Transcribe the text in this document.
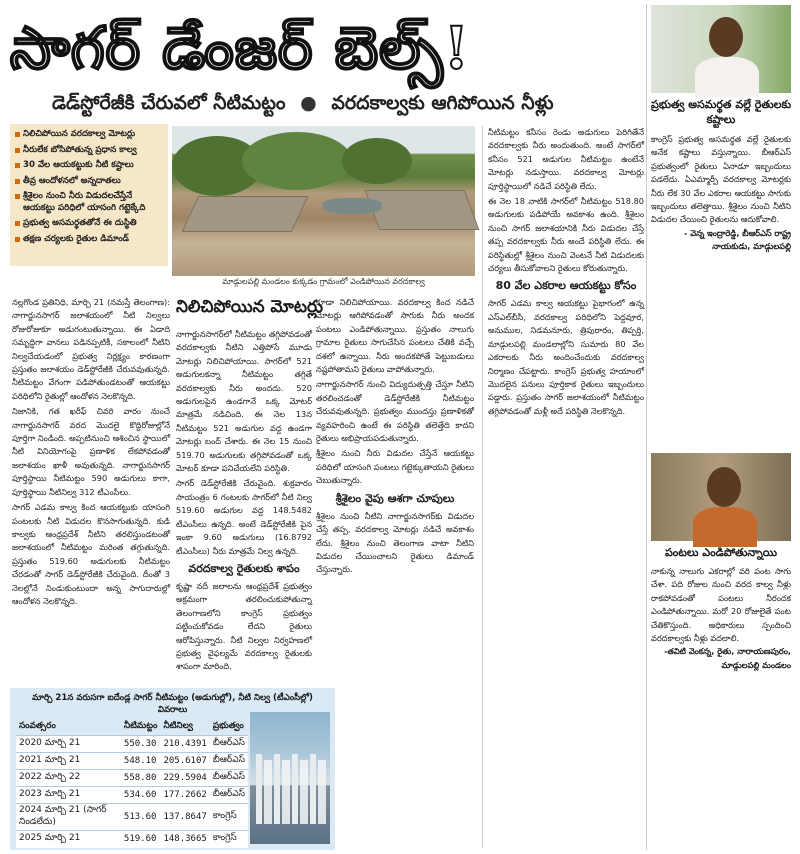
సాగర్ డేంజర్ బెల్స్!
డెడ్‌స్టోరేజీకి చేరువలో నీటిమట్టం ● వరదకాల్వకు ఆగిపోయిన నీళ్లు
నిలిచిపోయిన వరదకాల్వ మోటర్లు
నీరులేక బోసిపోతున్న ప్రధాన కాల్వ
30 వేల ఆయకట్టుకు నీటి కష్టాలు
తీవ్ర ఆందోళనలో అన్నదాతలు
శ్రీశైలం నుంచి నీరు విడుదలచేస్తేనే ఆయకట్టు పరిధిలో యాసంగి గట్టెక్కేది
ప్రభుత్వ అసమర్థతతోనే ఈ దుస్థితి
తక్షణ చర్యలకు రైతుల డిమాండ్
మాడ్గులపల్లి మండలం కుక్కడం గ్రామంలో ఎండిపోయిన వరదకాల్వ

నల్లగొండ ప్రతినిధి, మార్చి 21 (నమస్తే తెలంగాణ): నాగార్జునసాగర్‌ జలాశయంలో నీటి నిల్వలు రోజురోజుకూ అడుగంటుతున్నాయి. ఈ ఏడాది సమృద్ధిగా వానలు పడినప్పటికీ, సకాలంలో నీటిని నిల్వచేయడంలో ప్రభుత్వ నిర్లక్ష్యం కారణంగా ప్రస్తుతం జలాశయం డెడ్‌స్టోరేజీకి చేరువవుతున్నది. నీటిమట్టం వేగంగా పడిపోతుండటంతో ఆయకట్టు పరిధిలోని రైతుల్లో ఆందోళన నెలకొన్నది.

నిజానికి, గత ఖరీఫ్ చివరి వారం నుంచే నాగార్జునసాగర్ వరద మొదలై కొద్దిరోజుల్లోనే పూర్తిగా నిండింది. అప్పటినుంచి ఆశించిన స్థాయిలో నీటి వినియోగంపై ప్రణాళిక లేకపోవడంతో జలాశయం ఖాళీ అవుతున్నది. నాగార్జునసాగర్‌ పూర్తిస్థాయి నీటిమట్టం 590 అడుగులు కాగా, పూర్తిస్థాయి నీటినిల్వ 312 టీఎంసీలు.

సాగర్ ఎడమ కాల్వ కింద ఆయకట్టుకు యాసంగి పంటలకు నీటి విడుదల కొనసాగుతున్నది. కుడి కాల్వకు ఆంధ్రప్రదేశ్‌ నీటిని తరలిస్తుండటంతో జలాశయంలో నీటిమట్టం మరింత తగ్గుతున్నది. ప్రస్తుతం 519.60 అడుగులకు నీటిమట్టం చేరడంతో సాగర్ డెడ్‌స్టోరేజీకి చేరువైంది. దీంతో 3 నెలల్లోనే నిండుకుంటుందా అన్న సాగుదారుల్లో ఆందోళన నెలకొన్నది.

నిలిచిపోయిన మోటర్లు

నాగార్జునసాగర్‌లో నీటిమట్టం తగ్గిపోవడంతో వరదకాల్వకు నీటిని ఎత్తిపోసే మూడు మోటర్లు నిలిచిపోయాయి. సాగర్‌లో 521 అడుగులకన్నా నీటిమట్టం తగ్గితే వరదకాల్వకు నీరు అందదు. 520 అడుగులపైన ఉండగానే ఒక్క మోటర్ మాత్రమే నడిచింది. ఈ నెల 13న నీటిమట్టం 521 అడుగుల వద్ద ఉండగా మోటర్లు బంద్ చేశారు. ఈ నెల 15 నుంచి 519.70 అడుగులకు తగ్గిపోవడంతో ఒక్క మోటర్‌ కూడా పనిచేయలేని పరిస్థితి.

సాగర్ డెడ్‌స్టోరేజీకి చేరువైంది. శుక్రవారం సాయంత్రం 6 గంటలకు సాగర్‌లో నీటి నిల్వ 519.60 అడుగుల వద్ద 148.5482 టీఎంసీలు ఉన్నది. అంటే డెడ్‌స్టోరేజీకి పైన ఇంకా 9.60 అడుగులు (16.8792 టీఎంసీలు) నీరు మాత్రమే నిల్వ ఉన్నది.

వరదకాల్వ రైతులకు శాపం

కృష్ణా నదీ జలాలను ఆంధ్రప్రదేశ్‌ ప్రభుత్వం అక్రమంగా తరలించుకుపోతున్నా తెలంగాణలోని కాంగ్రెస్‌ ప్రభుత్వం పట్టించుకోవడం లేదని రైతులు ఆరోపిస్తున్నారు. నీటి నిల్వల నిర్వహణలో ప్రభుత్వ వైఫల్యమే వరదకాల్వ రైతులకు శాపంగా మారింది.

కూడా నిలిచిపోయాయి. వరదకాల్వ కింద నడిచే మోటర్లు ఆగిపోవడంతో సాగుకు నీరు అందక పంటలు ఎండిపోతున్నాయి. ప్రస్తుతం నాలుగు గ్రామాల రైతులు సాగుచేసిన పంటలు చేతికి వచ్చే దశలో ఉన్నాయి. నీరు అందకపోతే పెట్టుబడులు నష్టపోతామని రైతులు వాపోతున్నారు.

నాగార్జునసాగర్ నుంచి విద్యుదుత్పత్తి చేస్తూ నీటిని తరలించడంతో డెడ్‌స్టోరేజీకి నీటిమట్టం చేరువవుతున్నది. ప్రభుత్వం ముందస్తు ప్రణాళికతో వ్యవహరించి ఉంటే ఈ పరిస్థితి తలెత్తేది కాదని రైతులు అభిప్రాయపడుతున్నారు.

శ్రీశైలం నుంచి నీరు విడుదల చేస్తేనే ఆయకట్టు పరిధిలో యాసంగి పంటలు గట్టెక్కుతాయని రైతులు చెబుతున్నారు.

శ్రీశైలం వైపు ఆశగా చూపులు

శ్రీశైలం నుంచి నీటిని నాగార్జునసాగర్‌కు విడుదల చేస్తే తప్ప, వరదకాల్వ మోటర్లు నడిచే అవకాశం లేదు. శ్రీశైలం నుంచి తెలంగాణ వాటా నీటిని విడుదల చేయించాలని రైతులు డిమాండ్ చేస్తున్నారు.

నీటిమట్టం కనీసం రెండు అడుగులు పెరిగితేనే వరదకాల్వకు నీరు అందుతుంది. అంటే సాగర్‌లో కనీసం 521 అడుగుల నీటిమట్టం ఉంటేనే మోటర్లు నడుస్తాయి. వరదకాల్వ మోటర్లు పూర్తిస్థాయిలో నడిచే పరిస్థితి లేదు.

ఈ నెల 18 నాటికి సాగర్‌లో నీటిమట్టం 518.80 అడుగులకు పడిపోయే అవకాశం ఉంది. శ్రీశైలం నుంచి సాగర్ జలాశయానికి నీరు విడుదల చేస్తే తప్ప వరదకాల్వకు నీరు అందే పరిస్థితి లేదు. ఈ పరిస్థితుల్లో శ్రీశైలం నుంచి వెంటనే నీటి విడుదలకు చర్యలు తీసుకోవాలని రైతులు కోరుతున్నారు.

80 వేల ఎకరాల ఆయకట్టు కోసం

సాగర్ ఎడమ కాల్వ ఆయకట్టు పైభాగంలో ఉన్న ఎస్‌ఎల్‌బీసీ, వరదకాల్వ పరిధిలోని పెద్దవూర, అనుముల, నిడమనూరు, త్రిపురారం, తిప్పర్తి, మాడ్గులపల్లి మండలాల్లోని సుమారు 80 వేల ఎకరాలకు నీరు అందించేందుకు వరదకాల్వ నిర్మాణం చేపట్టారు. కాంగ్రెస్ ప్రభుత్వ హయాంలో మొదలైన పనులు పూర్తికాక రైతులు ఇబ్బందులు పడ్డారు. ప్రస్తుతం సాగర్ జలాశయంలో నీటిమట్టం తగ్గిపోవడంతో మళ్లీ అదే పరిస్థితి నెలకొన్నది.

ప్రభుత్వ అసమర్థత వల్లే రైతులకు కష్టాలు

కాంగ్రెస్ ప్రభుత్వ అసమర్థత వల్లే రైతులకు అనేక కష్టాలు వస్తున్నాయి. బీఆర్‌ఎస్ ప్రభుత్వంలో రైతులు ఏనాడూ ఇబ్బందులు పడలేదు. ఏఎమ్మార్పీ వరదకాల్వ మోటర్లకు నీరు లేక 30 వేల ఎకరాల ఆయకట్టు సాగుకు ఇబ్బందులు తలెత్తాయి. శ్రీశైలం నుంచి నీటిని విడుదల చేయించి రైతులను ఆదుకోవాలి.

- వెన్న ఇంద్రారెడ్డి, బీఆర్‌ఎస్ రాష్ట్ర నాయకుడు, మాడ్గులపల్లి

పంటలు ఎండిపోతున్నాయి

నాకున్న నాలుగు ఎకరాల్లో వరి పంట సాగు చేశా. పది రోజుల నుంచి వరద కాల్వ నీళ్లు రాకపోవడంతో పంటలు నీరందక ఎండిపోతున్నాయి. మరో 20 రోజులైతే పంట చేతికొస్తుంది. అధికారులు స్పందించి వరదకాల్వకు నీళ్లు వదలాలి.

-తవిటి వెంకన్న, రైతు, నారాయణపురం, మాడ్గులపల్లి మండలం

మార్చి 21న వరుసగా ఐదేండ్ల సాగర్ నీటిమట్టం (అడుగుల్లో), నీటి నిల్వ (టీఎంసీల్లో) వివరాలు
సంవత్సరం	నీటిమట్టం	నీటినిల్వ	ప్రభుత్వం
2020 మార్చి 21	550.30	210.4391	బీఆర్‌ఎస్
2021 మార్చి 21	548.10	205.6107	బీఆర్‌ఎస్
2022 మార్చి 22	558.80	229.5904	బీఆర్‌ఎస్
2023 మార్చి 21	534.60	177.2662	బీఆర్‌ఎస్
2024 మార్చి 21 (సాగర్ నిండలేదు)	513.60	137.8647	కాంగ్రెస్
2025 మార్చి 21	519.60	148.3665	కాంగ్రెస్
